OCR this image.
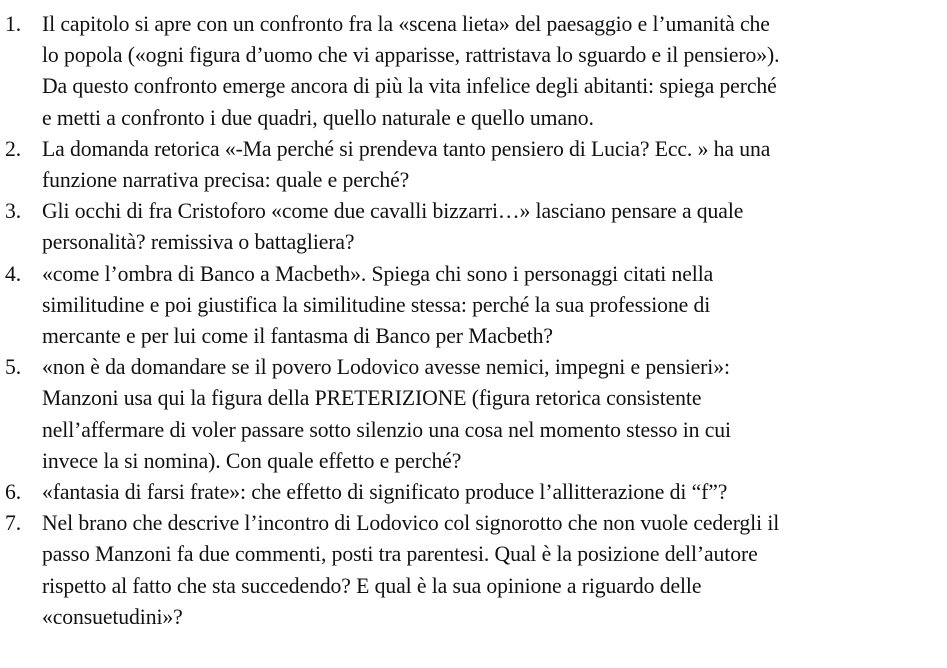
1. Il capitolo si apre con un confronto fra la «scena lieta» del paesaggio e l’umanità che
lo popola («ogni figura d’uomo che vi apparisse, rattristava lo sguardo e il pensiero»).
Da questo confronto emerge ancora di più la vita infelice degli abitanti: spiega perché
e metti a confronto i due quadri, quello naturale e quello umano.
2. La domanda retorica «-Ma perché si prendeva tanto pensiero di Lucia? Ecc. » ha una
funzione narrativa precisa: quale e perché?
3. Gli occhi di fra Cristoforo «come due cavalli bizzarri…» lasciano pensare a quale
personalità? remissiva o battagliera?
4. «come l’ombra di Banco a Macbeth». Spiega chi sono i personaggi citati nella
similitudine e poi giustifica la similitudine stessa: perché la sua professione di
mercante e per lui come il fantasma di Banco per Macbeth?
5. «non è da domandare se il povero Lodovico avesse nemici, impegni e pensieri»:
Manzoni usa qui la figura della PRETERIZIONE (figura retorica consistente
nell’affermare di voler passare sotto silenzio una cosa nel momento stesso in cui
invece la si nomina). Con quale effetto e perché?
6. «fantasia di farsi frate»: che effetto di significato produce l’allitterazione di “f”?
7. Nel brano che descrive l’incontro di Lodovico col signorotto che non vuole cedergli il
passo Manzoni fa due commenti, posti tra parentesi. Qual è la posizione dell’autore
rispetto al fatto che sta succedendo? E qual è la sua opinione a riguardo delle
«consuetudini»?
